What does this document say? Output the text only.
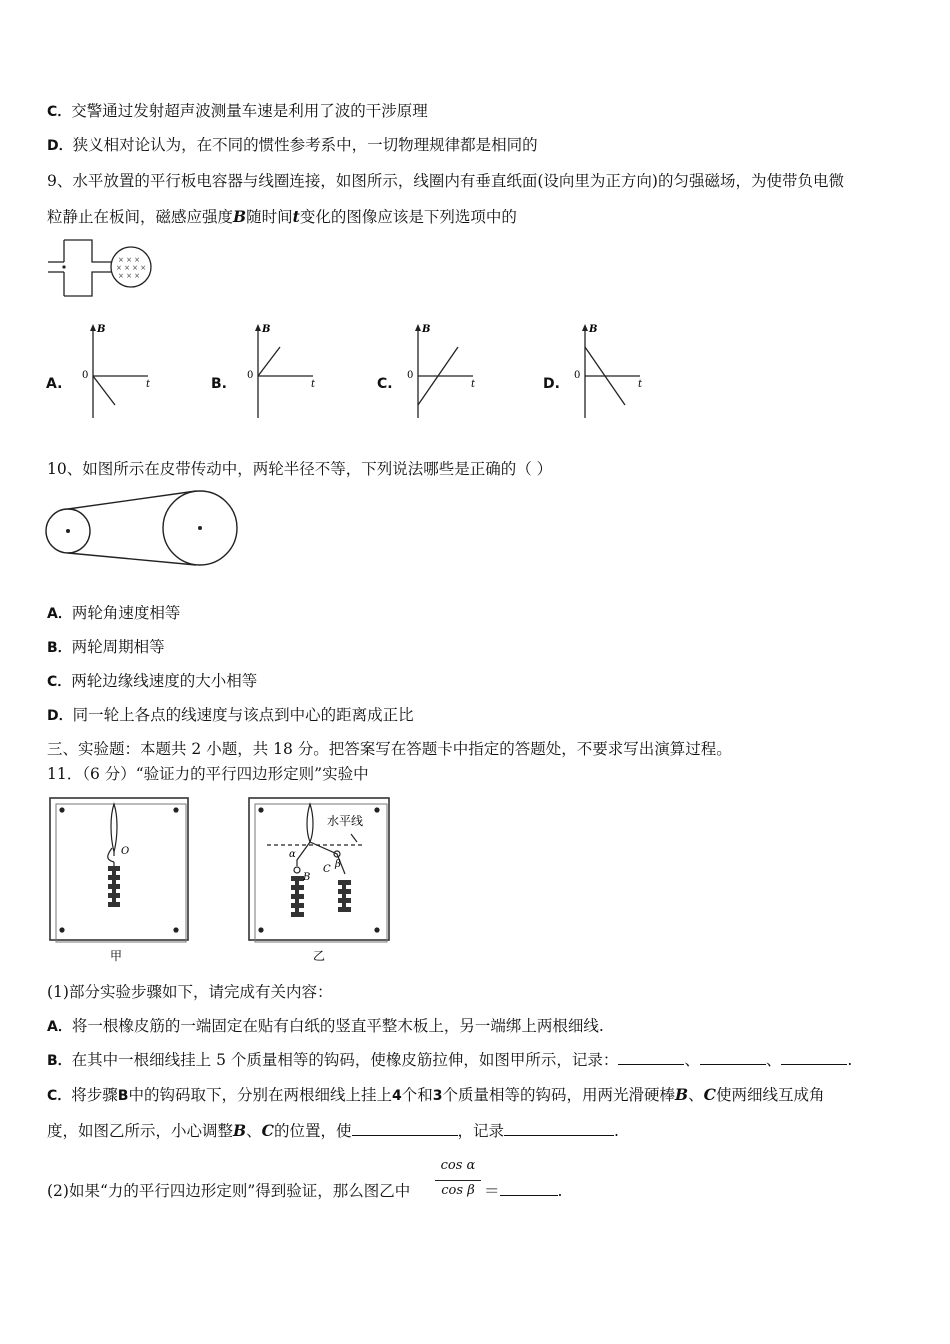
C．交警通过发射超声波测量车速是利用了波的干涉原理
D．狭义相对论认为，在不同的惯性参考系中，一切物理规律都是相同的
9、水平放置的平行板电容器与线圈连接，如图所示，线圈内有垂直纸面(设向里为正方向)的匀强磁场，为使带负电微
粒静止在板间，磁感应强度B随时间t变化的图像应该是下列选项中的
× × ×
× × × ×
× × ×
A.
B
t
0
B.
B
t
0
C.
B
t
0
D.
B
t
0
10、如图所示在皮带传动中，两轮半径不等，下列说法哪些是正确的（ ）
A．两轮角速度相等
B．两轮周期相等
C．两轮边缘线速度的大小相等
D．同一轮上各点的线速度与该点到中心的距离成正比
三、实验题：本题共 2 小题，共 18 分。把答案写在答题卡中指定的答题处，不要求写出演算过程。
11．（6 分）“验证力的平行四边形定则”实验中
O
甲
水平线
α
β
B
C
乙
(1)部分实验步骤如下，请完成有关内容：
A．将一根橡皮筋的一端固定在贴有白纸的竖直平整木板上，另一端绑上两根细线.
B．在其中一根细线挂上 5 个质量相等的钩码，使橡皮筋拉伸，如图甲所示，记录：	、	、	.
C．将步骤B中的钩码取下，分别在两根细线上挂上4个和3个质量相等的钩码，用两光滑硬棒B、C使两细线互成角
度，如图乙所示，小心调整B、C的位置，使	，记录	.
(2)如果“力的平行四边形定则”得到验证，那么图乙中
cos α
cos β ＝	.
